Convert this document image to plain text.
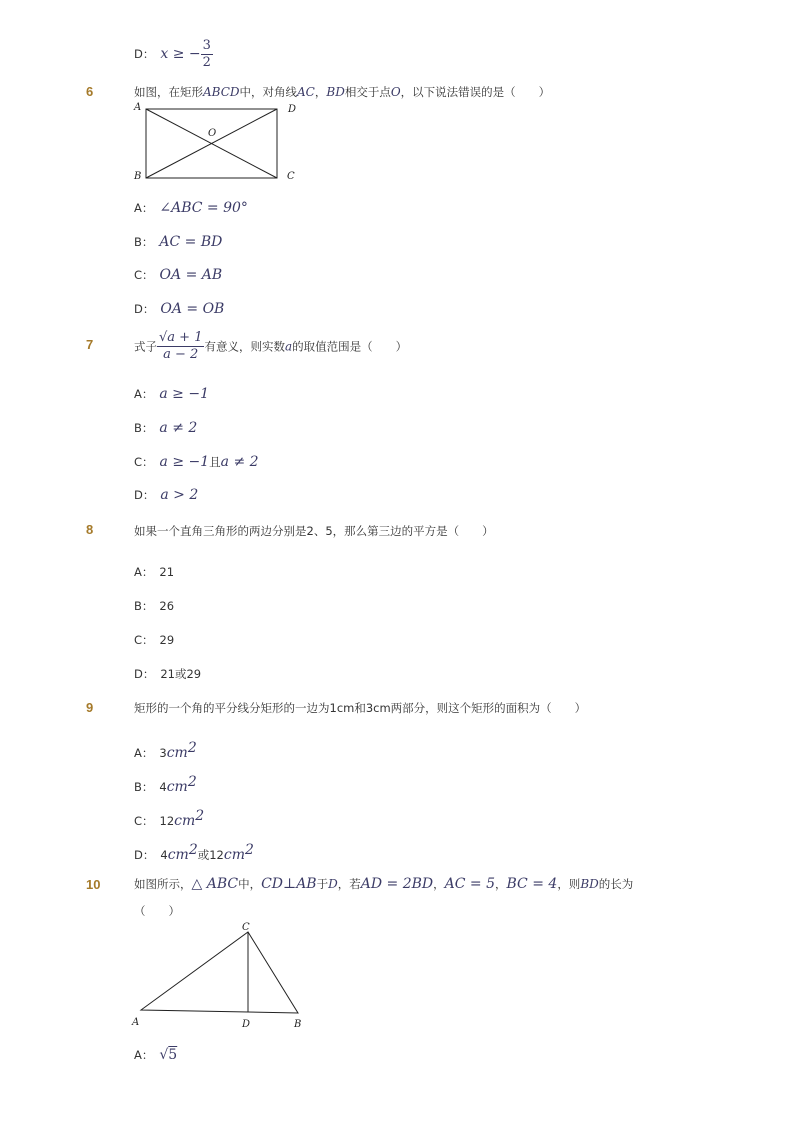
D： x ≥ − $\frac{3}{2}$
6	如图，在矩形ABCD中，对角线AC，BD相交于点O，以下说法错误的是（　　）
A	D
O
B	C
A： ∠ABC = 90°
B： AC = BD
C： OA = AB
D： OA = OB
7	式子 $\frac{√a + 1}{a - 2}$ 有意义，则实数a的取值范围是（　　）
A： a ≥ −1
B： a ≠ 2
C： a ≥ −1且a ≠ 2
D： a > 2
8	如果一个直角三角形的两边分别是2、5，那么第三边的平方是（　　）
A： 21
B： 26
C： 29
D： 21或29
9	矩形的一个角的平分线分矩形的一边为1cm和3cm两部分，则这个矩形的面积为（　　）
A： $3cm^2$
B： $4cm^2$
C： $12cm^2$
D： $4cm^2$或$12cm^2$
10	如图所示，△ ABC中，CD⊥AB于D，若AD = 2BD，AC = 5，BC = 4，则BD的长为
（　　）
C
A	D	B
A： √5
